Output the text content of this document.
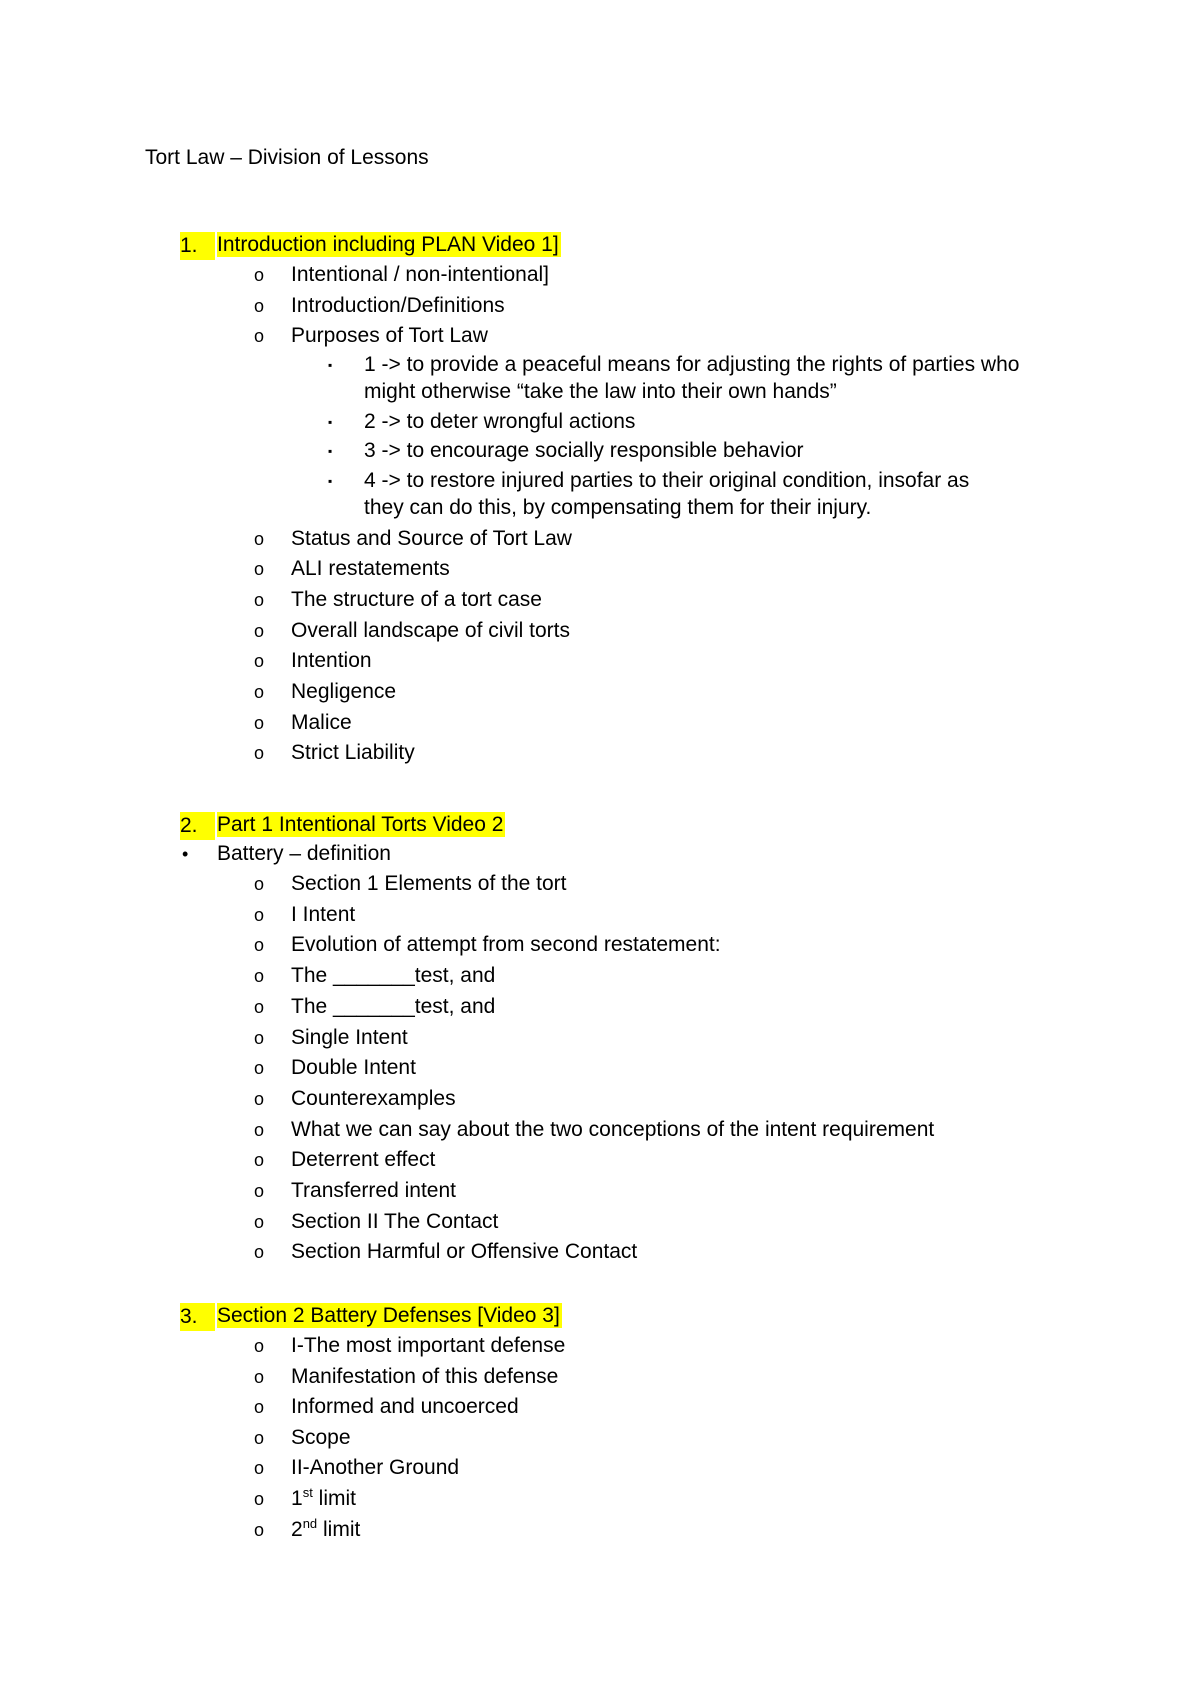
Tort Law – Division of Lessons
1. Introduction including PLAN Video 1]
o Intentional / non-intentional]
o Introduction/Definitions
o Purposes of Tort Law
▪ 1 -> to provide a peaceful means for adjusting the rights of parties who
might otherwise “take the law into their own hands”
▪ 2 -> to deter wrongful actions
▪ 3 -> to encourage socially responsible behavior
▪ 4 -> to restore injured parties to their original condition, insofar as
they can do this, by compensating them for their injury.
o Status and Source of Tort Law
o ALI restatements
o The structure of a tort case
o Overall landscape of civil torts
o Intention
o Negligence
o Malice
o Strict Liability
2. Part 1 Intentional Torts Video 2
• Battery – definition
o Section 1 Elements of the tort
o I Intent
o Evolution of attempt from second restatement:
o The _______test, and
o The _______test, and
o Single Intent
o Double Intent
o Counterexamples
o What we can say about the two conceptions of the intent requirement
o Deterrent effect
o Transferred intent
o Section II The Contact
o Section Harmful or Offensive Contact
3. Section 2 Battery Defenses [Video 3]
o I-The most important defense
o Manifestation of this defense
o Informed and uncoerced
o Scope
o II-Another Ground
o 1st limit
o 2nd limit
